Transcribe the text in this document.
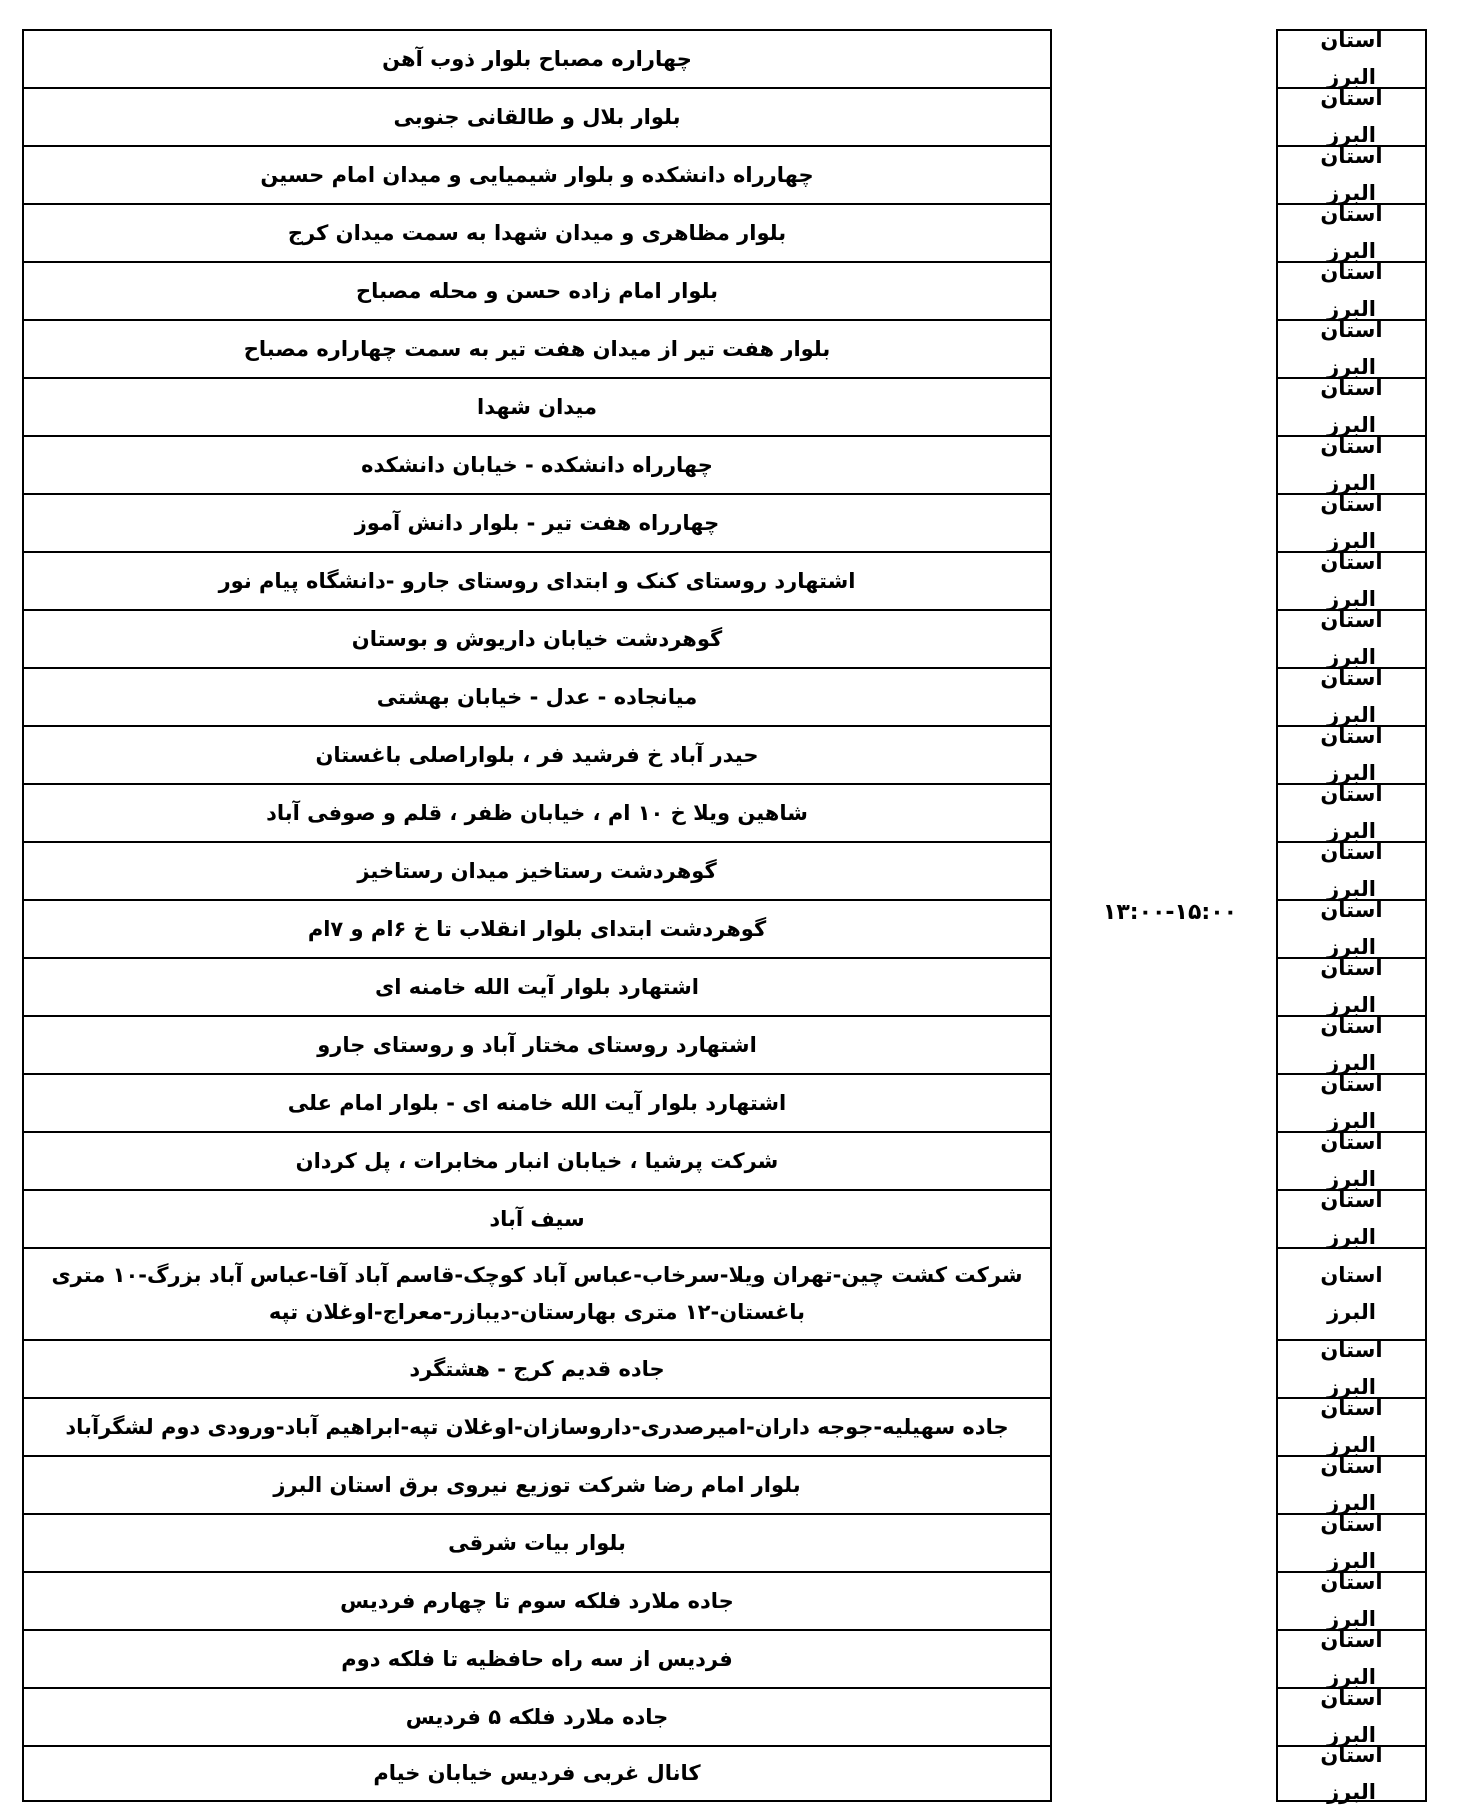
استان البرز
استان البرز
استان البرز
استان البرز
استان البرز
استان البرز
استان البرز
استان البرز
استان البرز
استان البرز
استان البرز
استان البرز
استان البرز
استان البرز
استان البرز
استان البرز
استان البرز
استان البرز
استان البرز
استان البرز
استان البرز
استان البرز
استان البرز
استان البرز
استان البرز
استان البرز
استان البرز
استان البرز
استان البرز
استان البرز
چهاراره مصباح بلوار ذوب آهن
بلوار بلال و طالقانی جنوبی
چهارراه دانشکده و بلوار شیمیایی و میدان امام حسین
بلوار مظاهری و میدان شهدا به سمت میدان کرج
بلوار امام زاده حسن و محله مصباح
بلوار هفت تیر از میدان هفت تیر به سمت چهاراره مصباح
میدان شهدا
چهارراه دانشکده - خیابان دانشکده
چهارراه هفت تیر - بلوار دانش آموز
اشتهارد روستای کنک و ابتدای روستای جارو -دانشگاه پیام نور
گوهردشت خیابان داریوش و بوستان
میانجاده - عدل - خیابان بهشتی
حیدر آباد خ فرشید فر ، بلواراصلی باغستان
شاهین ویلا خ ۱۰ ام ، خیابان ظفر ، قلم و صوفی آباد
گوهردشت رستاخیز میدان رستاخیز
گوهردشت ابتدای بلوار انقلاب تا خ ۶ام و ۷ام
اشتهارد بلوار آیت الله خامنه ای
اشتهارد روستای مختار آباد و روستای جارو
اشتهارد بلوار آیت الله خامنه ای - بلوار امام علی
شرکت پرشیا ، خیابان انبار مخابرات ، پل کردان
سیف آباد
شرکت کشت چین-تهران ویلا-سرخاب-عباس آباد کوچک-قاسم آباد آقا-عباس آباد بزرگ-۱۰ متری باغستان-۱۲ متری بهارستان-دیبازر-معراج-اوغلان تپه
جاده قدیم کرج - هشتگرد
جاده سهیلیه-جوجه داران-امیرصدری-داروسازان-اوغلان تپه-ابراهیم آباد-ورودی دوم لشگرآباد
بلوار امام رضا شرکت توزیع نیروی برق استان البرز
بلوار بیات شرقی
جاده ملارد فلکه سوم تا چهارم فردیس
فردیس از سه راه حافظیه تا فلکه دوم
جاده ملارد فلکه ۵ فردیس
کانال غربی فردیس خیابان خیام
۱۳:۰۰-۱۵:۰۰
